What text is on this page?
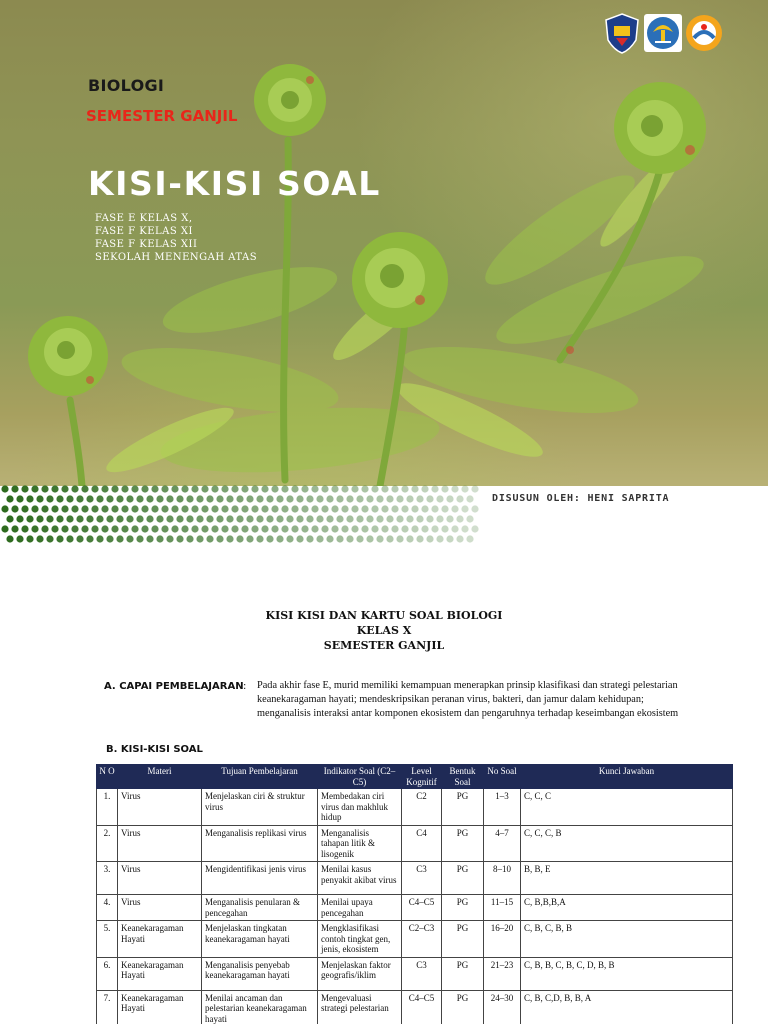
BIOLOGI
SEMESTER GANJIL
KISI-KISI SOAL
FASE E KELAS X,
FASE F KELAS XI
FASE F KELAS XII
SEKOLAH MENENGAH ATAS
DISUSUN OLEH: HENI SAPRITA
KISI KISI DAN KARTU SOAL BIOLOGI
KELAS X
SEMESTER GANJIL
A. CAPAI PEMBELAJARAN : Pada akhir fase E, murid memiliki kemampuan menerapkan prinsip klasifikasi dan strategi pelestarian keanekaragaman hayati; mendeskripsikan peranan virus, bakteri, dan jamur dalam kehidupan; menganalisis interaksi antar komponen ekosistem dan pengaruhnya terhadap keseimbangan ekosistem
B. KISI-KISI SOAL
N O	Materi	Tujuan Pembelajaran	Indikator Soal (C2–C5)	Level Kognitif	Bentuk Soal	No Soal	Kunci Jawaban
1.	Virus	Menjelaskan ciri & struktur virus	Membedakan ciri virus dan makhluk hidup	C2	PG	1–3	C, C, C
2.	Virus	Menganalisis replikasi virus	Menganalisis tahapan litik & lisogenik	C4	PG	4–7	C, C, C, B
3.	Virus	Mengidentifikasi jenis virus	Menilai kasus penyakit akibat virus	C3	PG	8–10	B, B, E
4.	Virus	Menganalisis penularan & pencegahan	Menilai upaya pencegahan	C4–C5	PG	11–15	C, B,B,B,A
5.	Keanekaragaman Hayati	Menjelaskan tingkatan keanekaragaman hayati	Mengklasifikasi contoh tingkat gen, jenis, ekosistem	C2–C3	PG	16–20	C, B, C, B, B
6.	Keanekaragaman Hayati	Menganalisis penyebab keanekaragaman hayati	Menjelaskan faktor geografis/iklim	C3	PG	21–23	C, B, B, C, B, C, D, B, B
7.	Keanekaragaman Hayati	Menilai ancaman dan pelestarian keanekaragaman hayati	Mengevaluasi strategi pelestarian	C4–C5	PG	24–30	C, B, C,D, B, B, A
